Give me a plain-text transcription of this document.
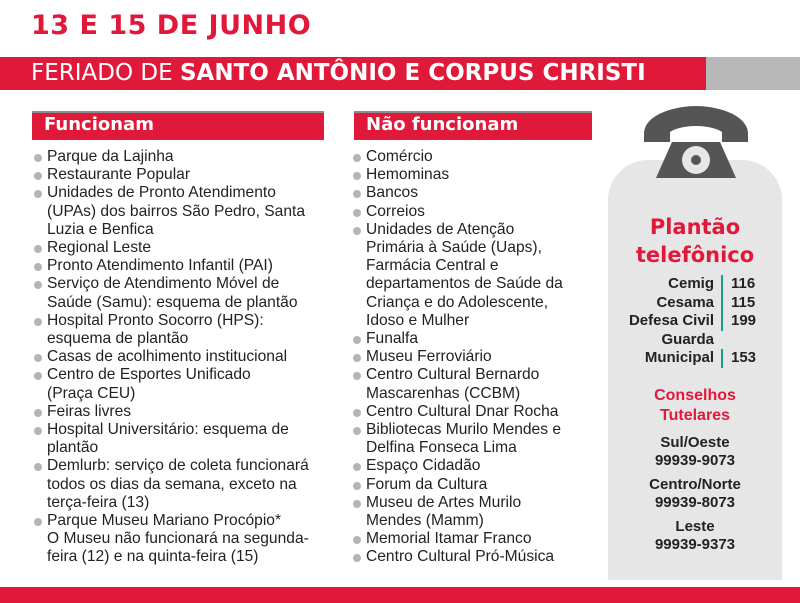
13 E 15 DE JUNHO
FERIADO DE SANTO ANTÔNIO E CORPUS CHRISTI
Funcionam	Não funcionam
Parque da Lajinha
Restaurante Popular
Unidades de Pronto Atendimento
(UPAs) dos bairros São Pedro, Santa
Luzia e Benfica
Regional Leste
Pronto Atendimento Infantil (PAI)
Serviço de Atendimento Móvel de
Saúde (Samu): esquema de plantão
Hospital Pronto Socorro (HPS):
esquema de plantão
Casas de acolhimento institucional
Centro de Esportes Unificado
(Praça CEU)
Feiras livres
Hospital Universitário: esquema de
plantão
Demlurb: serviço de coleta funcionará
todos os dias da semana, exceto na
terça-feira (13)
Parque Museu Mariano Procópio*
O Museu não funcionará na segunda-
feira (12) e na quinta-feira (15)
Comércio
Hemominas
Bancos
Correios
Unidades de Atenção
Primária à Saúde (Uaps),
Farmácia Central e
departamentos de Saúde da
Criança e do Adolescente,
Idoso e Mulher
Funalfa
Museu Ferroviário
Centro Cultural Bernardo
Mascarenhas (CCBM)
Centro Cultural Dnar Rocha
Bibliotecas Murilo Mendes e
Delfina Fonseca Lima
Espaço Cidadão
Forum da Cultura
Museu de Artes Murilo
Mendes (Mamm)
Memorial Itamar Franco
Centro Cultural Pró-Música
Plantão
telefônico
Cemig	116
Cesama	115
Defesa Civil	199
Guarda
Municipal	153
Conselhos
Tutelares
Sul/Oeste
99939-9073
Centro/Norte
99939-8073
Leste
99939-9373
